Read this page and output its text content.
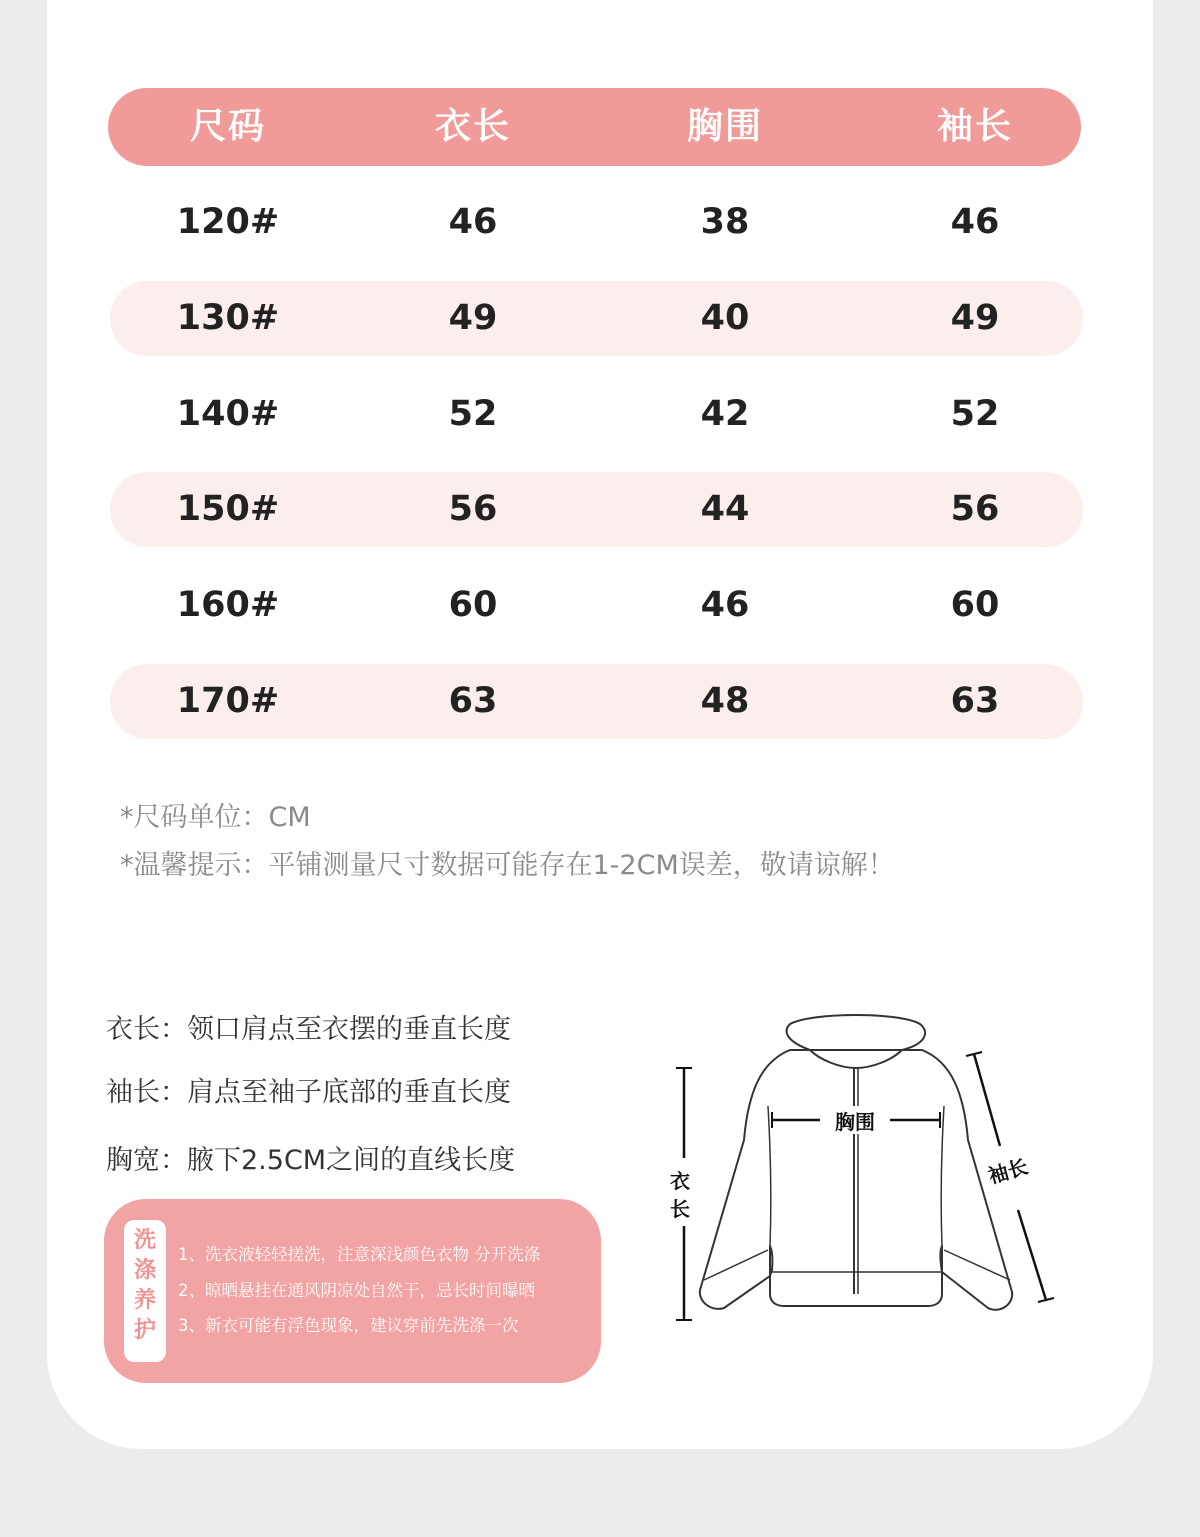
尺码	衣长	胸围	袖长
120#	46	38	46
130#	49	40	49
140#	52	42	52
150#	56	44	56
160#	60	46	60
170#	63	48	63
*尺码单位：CM
*温馨提示：平铺测量尺寸数据可能存在1-2CM误差，敬请谅解！
衣长：领口肩点至衣摆的垂直长度
袖长：肩点至袖子底部的垂直长度
胸宽：腋下2.5CM之间的直线长度
洗
涤
养
护
1、洗衣液轻轻搓洗，注意深浅颜色衣物 分开洗涤
2、晾晒悬挂在通风阴凉处自然干，忌长时间曝晒
3、新衣可能有浮色现象，建议穿前先洗涤一次
胸围
衣
长
袖长
